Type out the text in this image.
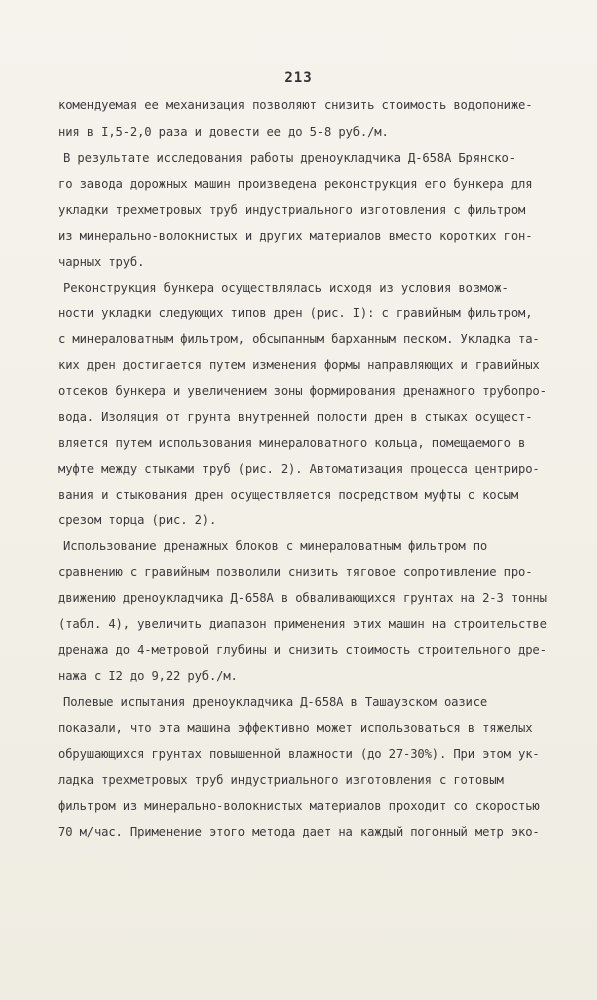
213
комендуемая ее механизация позволяют снизить стоимость водопонижe-
ния в I,5-2,0 раза и довести ее до 5-8 руб./м.
В результате исследования работы дреноукладчика Д-658А Брянско-
го завода дорожных машин произведена реконструкция его бункера для
укладки трехметровых труб индустриального изготовления с фильтром
из минерально-волокнистых и других материалов вместо коротких гон-
чарных труб.
Реконструкция бункера осуществлялась исходя из условия возмож-
ности укладки следующих типов дрен (рис. I): с гравийным фильтром,
с минераловатным фильтром, обсыпанным барханным песком. Укладка та-
ких дрен достигается путем изменения формы направляющих и гравийных
отсеков бункера и увеличением зоны формирования дренажного трубопро-
вода. Изоляция от грунта внутренней полости дрен в стыках осущест-
вляется путем использования минераловатного кольца, помещаемого в
муфте между стыками труб (рис. 2). Автоматизация процесса центриро-
вания и стыкования дрен осуществляется посредством муфты с косым
срезом торца (рис. 2).
Использование дренажных блоков с минераловатным фильтром по
сравнению с гравийным позволили снизить тяговое сопротивление про-
движению дреноукладчика Д-658А в обваливающихся грунтах на 2-3 тонны
(табл. 4), увеличить диапазон применения этих машин на строительстве
дренажа до 4-метровой глубины и снизить стоимость строительного дре-
нажа с I2 до 9,22 руб./м.
Полевые испытания дреноукладчика Д-658А в Ташаузском оазисе
показали, что эта машина эффективно может использоваться в тяжелых
обрушающихся грунтах повышенной влажности (до 27-30%). При этом ук-
ладка трехметровых труб индустриального изготовления с готовым
фильтром из минерально-волокнистых материалов проходит со скоростью
70 м/час. Применение этого метода дает на каждый погонный метр эко-
